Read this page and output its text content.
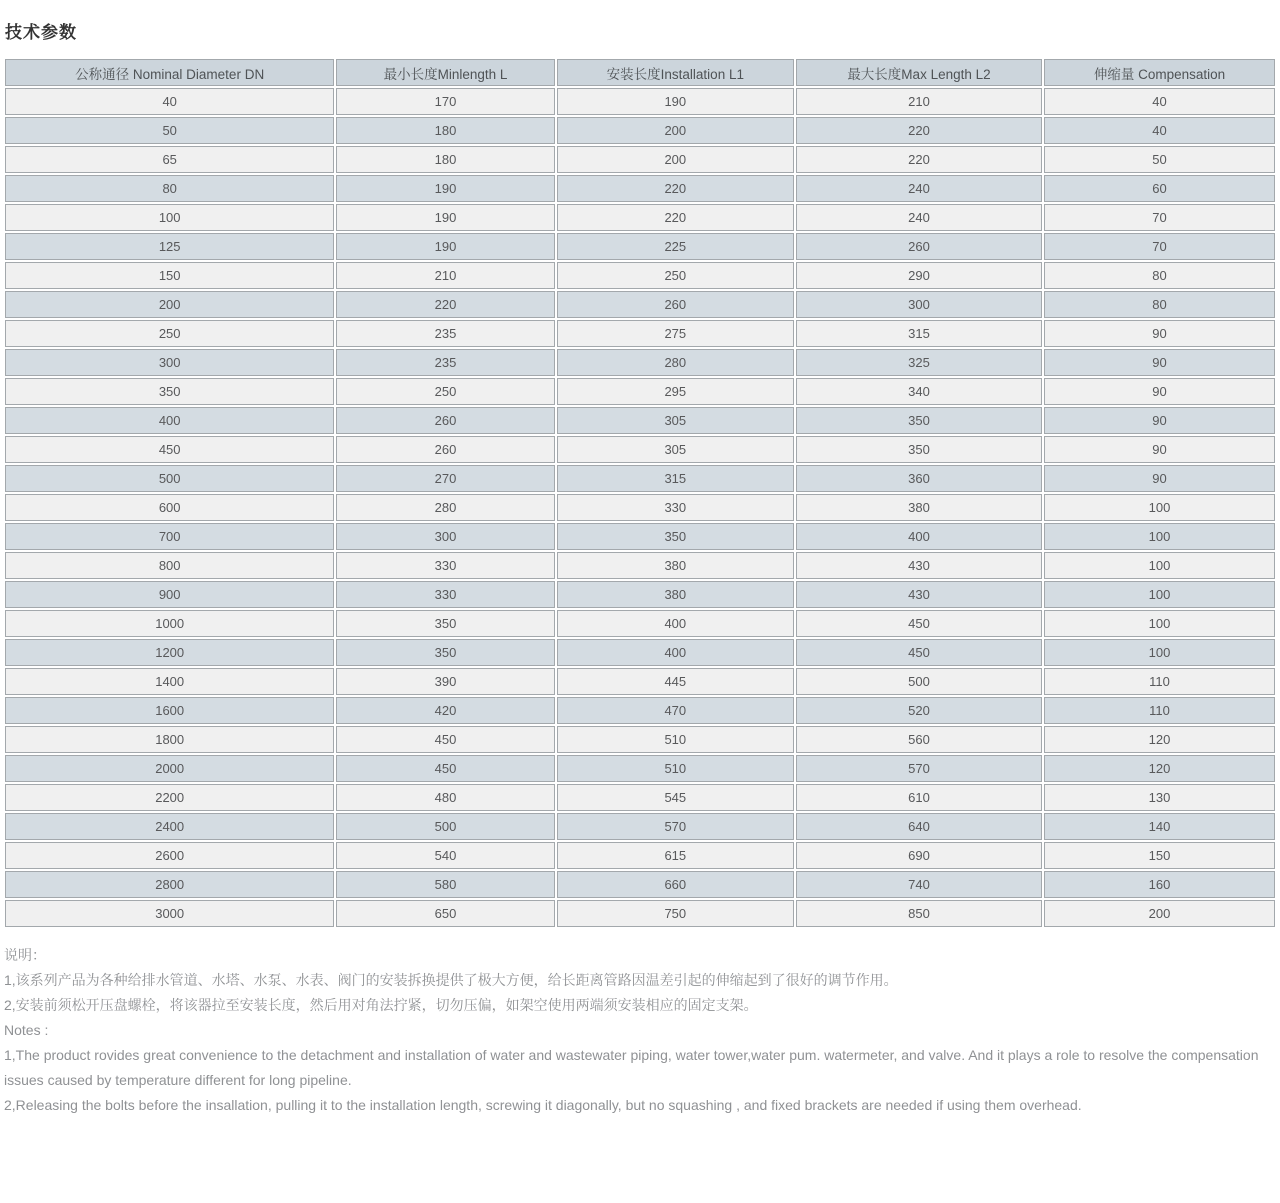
技术参数
公称通径 Nominal Diameter DN	最小长度Minlength L	安装长度Installation L1	最大长度Max Length L2	伸缩量 Compensation
40	170	190	210	40
50	180	200	220	40
65	180	200	220	50
80	190	220	240	60
100	190	220	240	70
125	190	225	260	70
150	210	250	290	80
200	220	260	300	80
250	235	275	315	90
300	235	280	325	90
350	250	295	340	90
400	260	305	350	90
450	260	305	350	90
500	270	315	360	90
600	280	330	380	100
700	300	350	400	100
800	330	380	430	100
900	330	380	430	100
1000	350	400	450	100
1200	350	400	450	100
1400	390	445	500	110
1600	420	470	520	110
1800	450	510	560	120
2000	450	510	570	120
2200	480	545	610	130
2400	500	570	640	140
2600	540	615	690	150
2800	580	660	740	160
3000	650	750	850	200
说明：
1,该系列产品为各种给排水管道、水塔、水泵、水表、阀门的安装拆换提供了极大方便，给长距离管路因温差引起的伸缩起到了很好的调节作用。
2,安装前须松开压盘螺栓，将该器拉至安装长度，然后用对角法拧紧，切勿压偏，如架空使用两端须安装相应的固定支架。
Notes :
1,The product rovides great convenience to the detachment and installation of water and wastewater piping, water tower,water pum. watermeter, and valve. And it plays a role to resolve the compensation issues caused by temperature different for long pipeline.
2,Releasing the bolts before the insallation, pulling it to the installation length, screwing it diagonally, but no squashing , and fixed brackets are needed if using them overhead.
